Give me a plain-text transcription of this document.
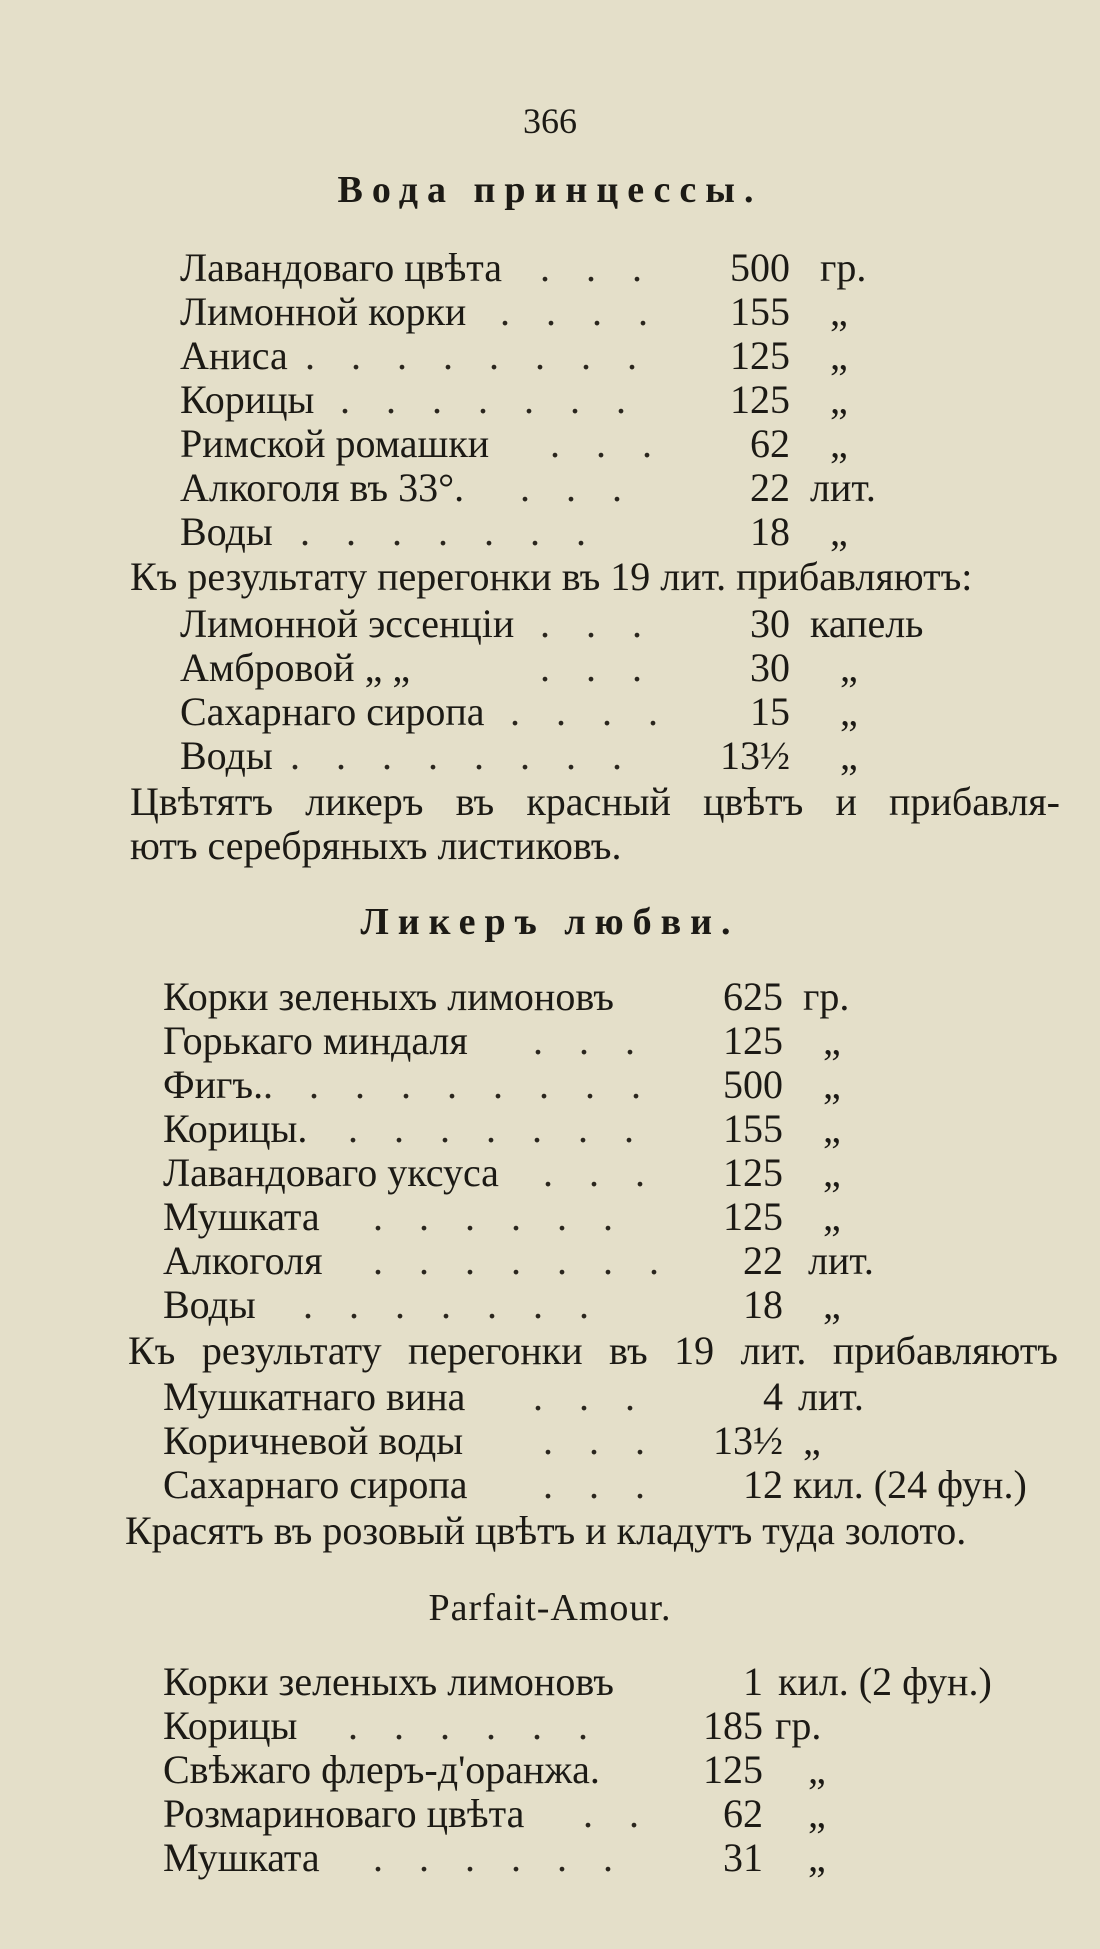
366
Вода принцессы.
Лавандоваго цвѣта . . .	500 гр.
Лимонной корки . . . .	155 „
Аниса . . . . . . . .	125 „
Корицы . . . . . . .	125 „
Римской ромашки . . .	62 „
Алкоголя въ 33°. . . .	22 лит.
Воды . . . . . . .	18 „
Къ результату перегонки въ 19 лит. прибавляютъ:
Лимонной эссенціи . . .	30 капель
Амбровой „ „	. . .	30 „
Сахарнаго сиропа . . . .	15 „
Воды . . . . . . . .	13½ „
Цвѣтятъ ликеръ въ красный цвѣтъ и прибавля-
ютъ серебряныхъ листиковъ.
Ликеръ любви.
Корки зеленыхъ лимоновъ	625 гр.
Горькаго миндаля . . .	125 „
Фигъ. . . . . . . . . .	500 „
Корицы. . . . . . . .	155 „
Лавандоваго уксуса . . .	125 „
Мушката . . . . . .	125 „
Алкоголя . . . . . . .	22 лит.
Воды . . . . . . .	18 „
Къ результату перегонки въ 19 лит. прибавляютъ
Мушкатнаго вина . . .	4 лит.
Коричневой воды . . .	13½ „
Сахарнаго сиропа . . .	12 кил. (24 фун.)
Красятъ въ розовый цвѣтъ и кладутъ туда золото.
Parfait-Amour.
Корки зеленыхъ лимоновъ	1 кил. (2 фун.)
Корицы . . . . . .	185 гр.
Свѣжаго флеръ-д'оранжа.	125 „
Розмариноваго цвѣта . .	62 „
Мушката . . . . . .	31 „
